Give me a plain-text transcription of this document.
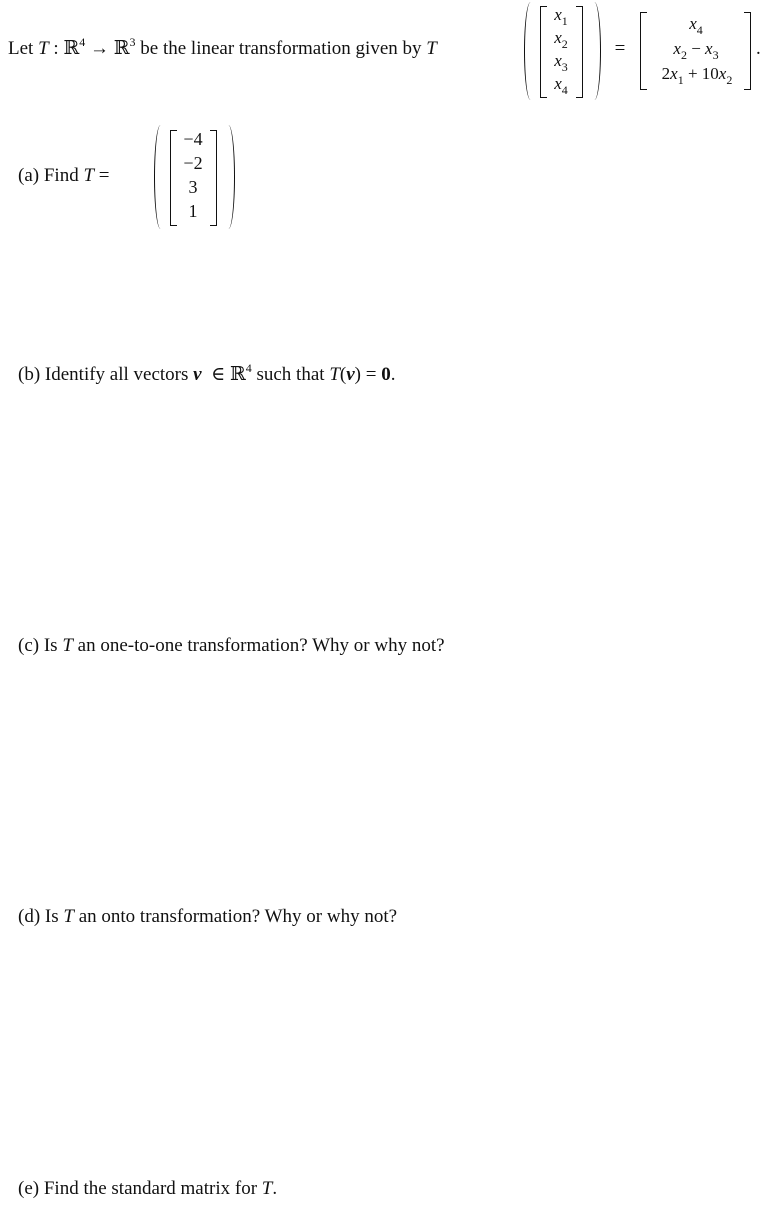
Let T : ℝ$^4$ → ℝ$^3$ be the linear transformation given by T
$x_1$
$x_2$
$x_3$
$x_4$
=
$x_4$
$x_2 - x_3$
$2x_1 + 10x_2$
.
(a) Find T =
−4
−2
3
1
(b) Identify all vectors v ∈ ℝ$^4$ such that T(v) = 0.
(c) Is T an one-to-one transformation? Why or why not?
(d) Is T an onto transformation? Why or why not?
(e) Find the standard matrix for T.
